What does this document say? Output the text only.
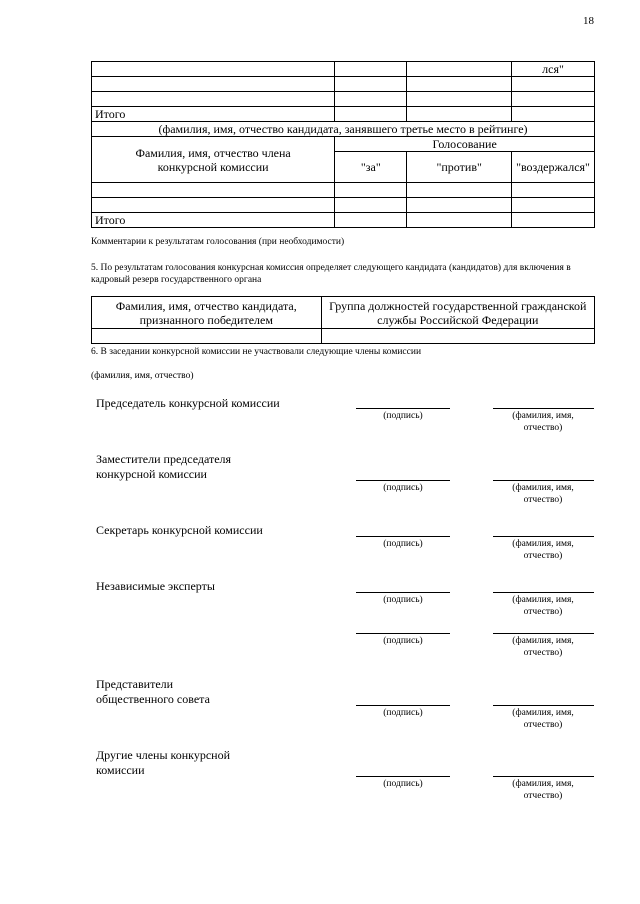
18
			лся"

Итого			
(фамилия, имя, отчество кандидата, занявшего третье место в рейтинге)			
Фамилия, имя, отчество члена конкурсной комиссии	Голосование		
	"за"	"против"	"воздержался"

Итого			
Комментарии к результатам голосования (при необходимости)
5. По результатам голосования конкурсная комиссия определяет следующего кандидата (кандидатов) для включения в кадровый резерв государственного органа
Фамилия, имя, отчество кандидата, признанного победителем	Группа должностей государственной гражданской службы Российской Федерации

6. В заседании конкурсной комиссии не участвовали следующие члены комиссии
(фамилия, имя, отчество)
Председатель конкурсной комиссии
(подпись)	(фамилия, имя, отчество)
Заместители председателя конкурсной комиссии
(подпись)	(фамилия, имя, отчество)
Секретарь конкурсной комиссии
(подпись)	(фамилия, имя, отчество)
Независимые эксперты
(подпись)	(фамилия, имя, отчество)
(подпись)	(фамилия, имя, отчество)
Представители общественного совета
(подпись)	(фамилия, имя, отчество)
Другие члены конкурсной комиссии
(подпись)	(фамилия, имя, отчество)
